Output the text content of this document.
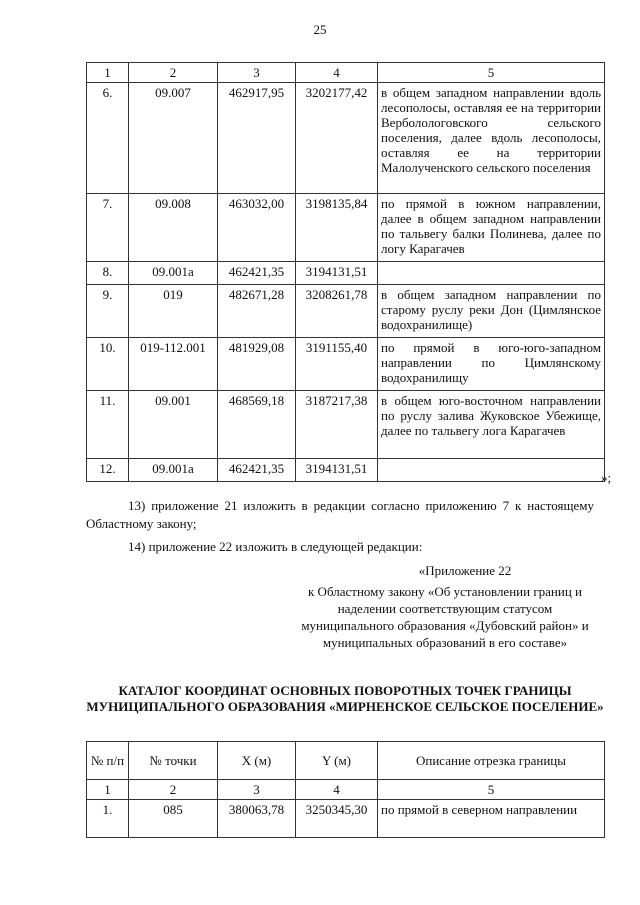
25
1	2	3	4	5
6.	09.007	462917,95	3202177,42	в общем западном направлении вдоль лесополосы, оставляя ее на территории Верболологовского сельского поселения, далее вдоль лесополосы, оставляя ее на территории Малолученского сельского поселения
7.	09.008	463032,00	3198135,84	по прямой в южном направлении, далее в общем западном направлении по тальвегу балки Полинева, далее по логу Карагачев
8.	09.001а	462421,35	3194131,51	
9.	019	482671,28	3208261,78	в общем западном направлении по старому руслу реки Дон (Цимлянское водохранилище)
10.	019-112.001	481929,08	3191155,40	по прямой в юго-юго-западном направлении по Цимлянскому водохранилищу
11.	09.001	468569,18	3187217,38	в общем юго-восточном направлении по руслу залива Жуковское Убежище, далее по тальвегу лога Карагачев
12.	09.001а	462421,35	3194131,51	
»;
13) приложение 21 изложить в редакции согласно приложению 7 к настоящему Областному закону;
14) приложение 22 изложить в следующей редакции:
«Приложение 22
к Областному закону «Об установлении границ и наделении соответствующим статусом муниципального образования «Дубовский район» и муниципальных образований в его составе»
КАТАЛОГ КООРДИНАТ ОСНОВНЫХ ПОВОРОТНЫХ ТОЧЕК ГРАНИЦЫ МУНИЦИПАЛЬНОГО ОБРАЗОВАНИЯ «МИРНЕНСКОЕ СЕЛЬСКОЕ ПОСЕЛЕНИЕ»
№ п/п	№ точки	X (м)	Y (м)	Описание отрезка границы
1	2	3	4	5
1.	085	380063,78	3250345,30	по прямой в северном направлении
